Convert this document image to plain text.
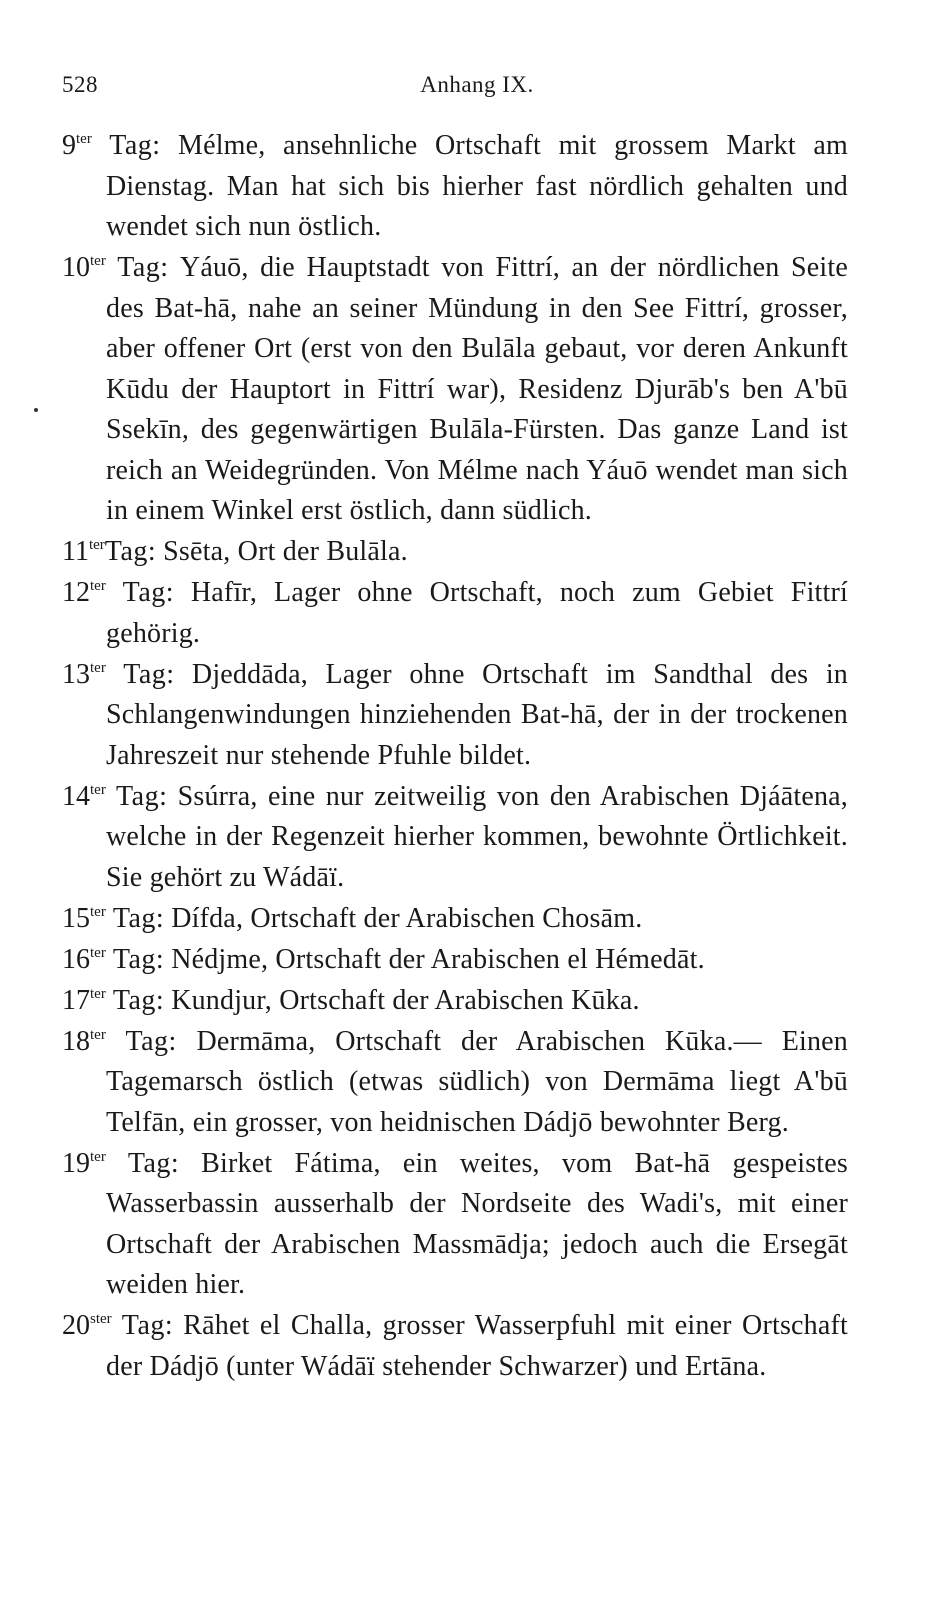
528	Anhang IX.

$9^{ter}$ Tag: Mélme, ansehnliche Ortschaft mit grossem Markt am Dienstag. Man hat sich bis hierher fast nördlich gehalten und wendet sich nun östlich.

$10^{ter}$ Tag: Yáuō, die Hauptstadt von Fittrí, an der nördlichen Seite des Bat-hā, nahe an seiner Mündung in den See Fittrí, grosser, aber offener Ort (erst von den Bulāla gebaut, vor deren Ankunft Kūdu der Hauptort in Fittrí war), Residenz Djurāb's ben A'bū Ssekīn, des gegenwärtigen Bulāla-Fürsten. Das ganze Land ist reich an Weidegründen. Von Mélme nach Yáuō wendet man sich in einem Winkel erst östlich, dann südlich.

$11^{ter}Tag$: Ssēta, Ort der Bulāla.

$12^{ter}$ Tag: Hafīr, Lager ohne Ortschaft, noch zum Gebiet Fittrí gehörig.

$13^{ter}$ Tag: Djeddāda, Lager ohne Ortschaft im Sandthal des in Schlangenwindungen hinziehenden Bat-hā, der in der trockenen Jahreszeit nur stehende Pfuhle bildet.

$14^{ter}$ Tag: Ssúrra, eine nur zeitweilig von den Arabischen Djáātena, welche in der Regenzeit hierher kommen, bewohnte Örtlichkeit. Sie gehört zu Wádāï.

$15^{ter}$ Tag: Dífda, Ortschaft der Arabischen Chosām.

$16^{ter}$ Tag: Nédjme, Ortschaft der Arabischen el Hémedāt.

$17^{ter}$ Tag: Kundjur, Ortschaft der Arabischen Kūka.

$18^{ter}$ Tag: Dermāma, Ortschaft der Arabischen Kūka.— Einen Tagemarsch östlich (etwas südlich) von Dermāma liegt A'bū Telfān, ein grosser, von heidnischen Dádjō bewohnter Berg.

$19^{ter}$ Tag: Birket Fátima, ein weites, vom Bat-hā gespeistes Wasserbassin ausserhalb der Nordseite des Wadi's, mit einer Ortschaft der Arabischen Massmādja; jedoch auch die Ersegāt weiden hier.

$20^{ster}$ Tag: Rāhet el Challa, grosser Wasserpfuhl mit einer Ortschaft der Dádjō (unter Wádāï stehender Schwarzer) und Ertāna.
